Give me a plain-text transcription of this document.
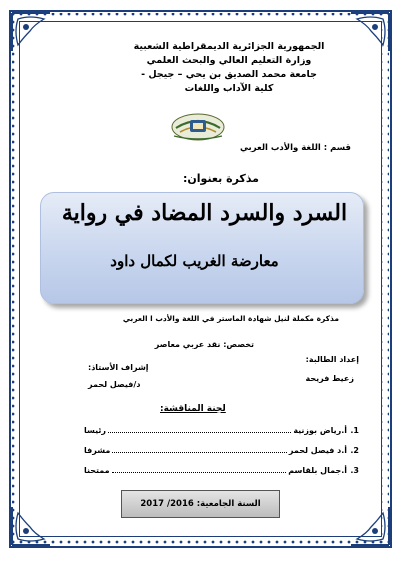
الجمهورية الجزائرية الديمقراطية الشعبية
وزارة التعليم العالي والبحث العلمي
جامعة محمد الصديق بن يحي – جيجل -
كلية الآداب واللغات
قسم : اللغة والأدب العربي
مذكرة بعنوان:
السرد والسرد المضاد في رواية
معارضة الغريب لكمال داود
مذكرة مكملة لنيل شهادة الماستر في اللغة والأدب ا العربي
تخصص: نقد عربي معاصر
إعداد الطالبة:
زعيط فريحة
إشراف الأستاذ:
د/فيصل لحمر
لجنة المناقشة:
1.
أ.رياض بوزنية
رئيسا
2.
أ.د فيصل لحمر
مشرفا
3.
أ.جمال بلقاسم
ممتحنا
السنة الجامعية: 2016/ 2017
